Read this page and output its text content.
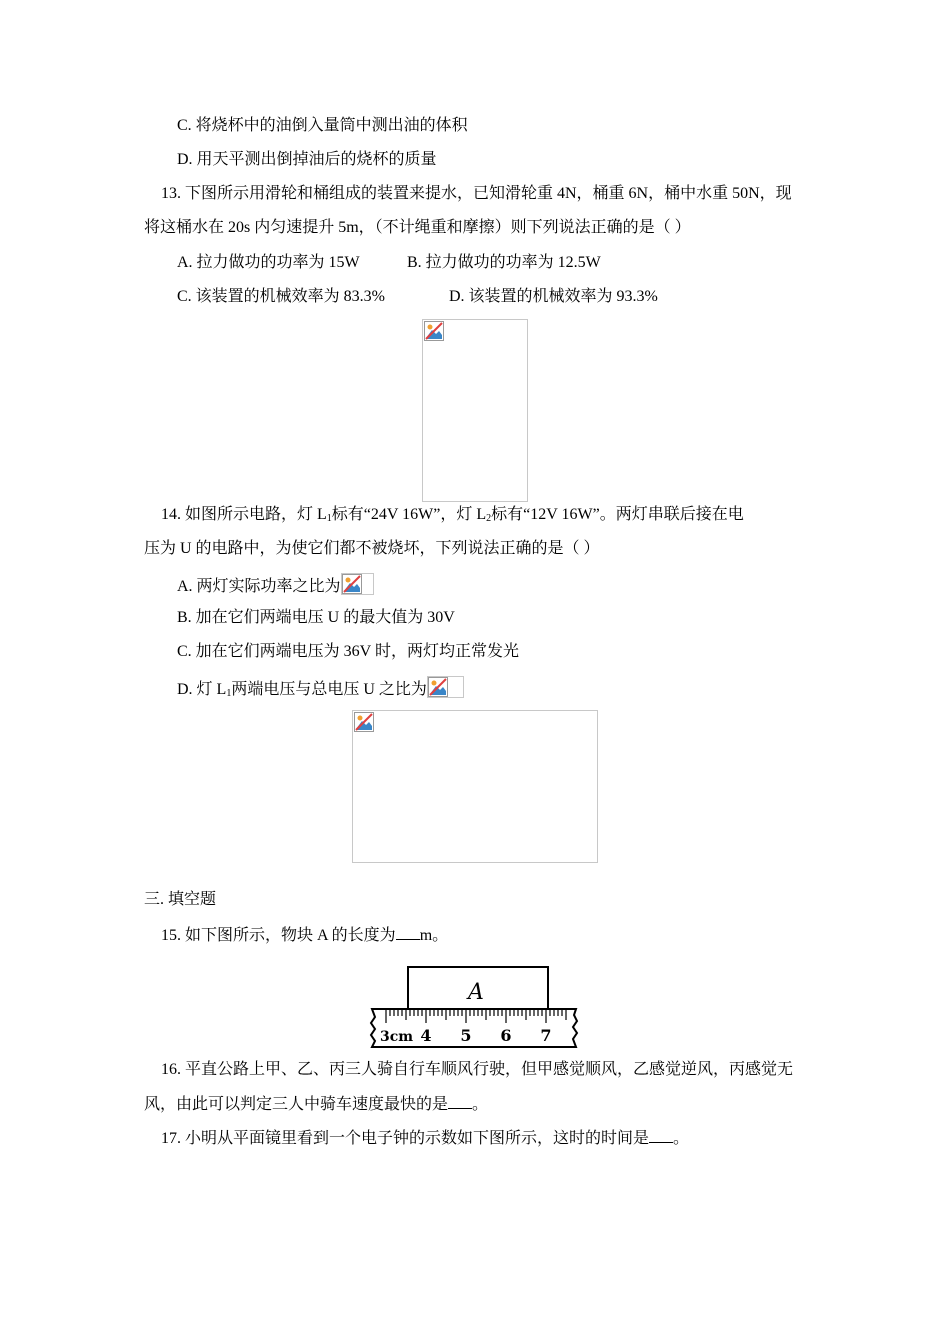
C. 将烧杯中的油倒入量筒中测出油的体积
D. 用天平测出倒掉油后的烧杯的质量
13. 下图所示用滑轮和桶组成的装置来提水，已知滑轮重 4N，桶重 6N，桶中水重 50N，现
将这桶水在 20s 内匀速提升 5m，（不计绳重和摩擦）则下列说法正确的是（ ）
A. 拉力做功的功率为 15W	B. 拉力做功的功率为 12.5W
C. 该装置的机械效率为 83.3%	D. 该装置的机械效率为 93.3%
14. 如图所示电路，灯 $L_1$标有“24V 16W”，灯 $L_2$标有“12V 16W”。两灯串联后接在电
压为 U 的电路中，为使它们都不被烧坏，下列说法正确的是（ ）
A. 两灯实际功率之比为
B. 加在它们两端电压 U 的最大值为 30V
C. 加在它们两端电压为 36V 时，两灯均正常发光
D. 灯 $L_1$两端电压与总电压 U 之比为
三. 填空题
15. 如下图所示，物块 A 的长度为 m。
A
3cm 4 5 6 7
16. 平直公路上甲、乙、丙三人骑自行车顺风行驶，但甲感觉顺风，乙感觉逆风，丙感觉无
风，由此可以判定三人中骑车速度最快的是 。
17. 小明从平面镜里看到一个电子钟的示数如下图所示，这时的时间是 。
